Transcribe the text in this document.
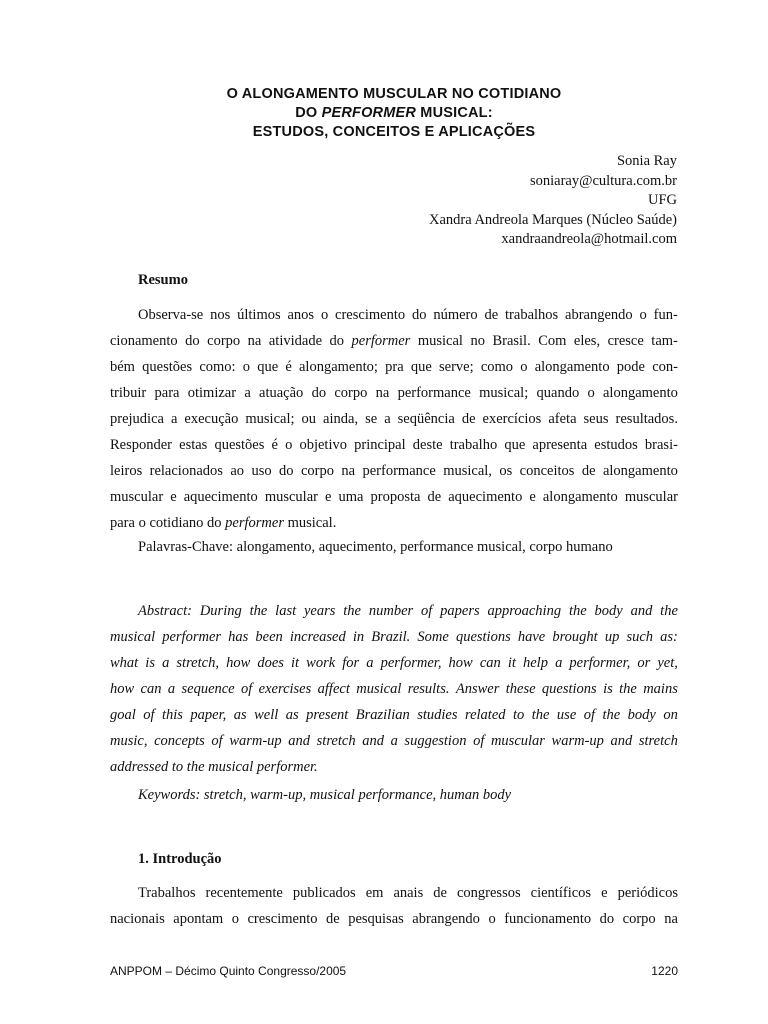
O ALONGAMENTO MUSCULAR NO COTIDIANO
DO PERFORMER MUSICAL:
ESTUDOS, CONCEITOS E APLICAÇÕES
Sonia Ray
soniaray@cultura.com.br
UFG
Xandra Andreola Marques (Núcleo Saúde)
xandraandreola@hotmail.com
Resumo
Observa-se nos últimos anos o crescimento do número de trabalhos abrangendo o fun-
cionamento do corpo na atividade do performer musical no Brasil. Com eles, cresce tam-
bém questões como: o que é alongamento; pra que serve; como o alongamento pode con-
tribuir para otimizar a atuação do corpo na performance musical; quando o alongamento
prejudica a execução musical; ou ainda, se a seqüência de exercícios afeta seus resultados.
Responder estas questões é o objetivo principal deste trabalho que apresenta estudos brasi-
leiros relacionados ao uso do corpo na performance musical, os conceitos de alongamento
muscular e aquecimento muscular e uma proposta de aquecimento e alongamento muscular
para o cotidiano do performer musical.
Palavras-Chave: alongamento, aquecimento, performance musical, corpo humano
Abstract: During the last years the number of papers approaching the body and the
musical performer has been increased in Brazil. Some questions have brought up such as:
what is a stretch, how does it work for a performer, how can it help a performer, or yet,
how can a sequence of exercises affect musical results. Answer these questions is the mains
goal of this paper, as well as present Brazilian studies related to the use of the body on
music, concepts of warm-up and stretch and a suggestion of muscular warm-up and stretch
addressed to the musical performer.
Keywords: stretch, warm-up, musical performance, human body
1. Introdução
Trabalhos recentemente publicados em anais de congressos científicos e periódicos
nacionais apontam o crescimento de pesquisas abrangendo o funcionamento do corpo na
ANPPOM – Décimo Quinto Congresso/2005	1220
